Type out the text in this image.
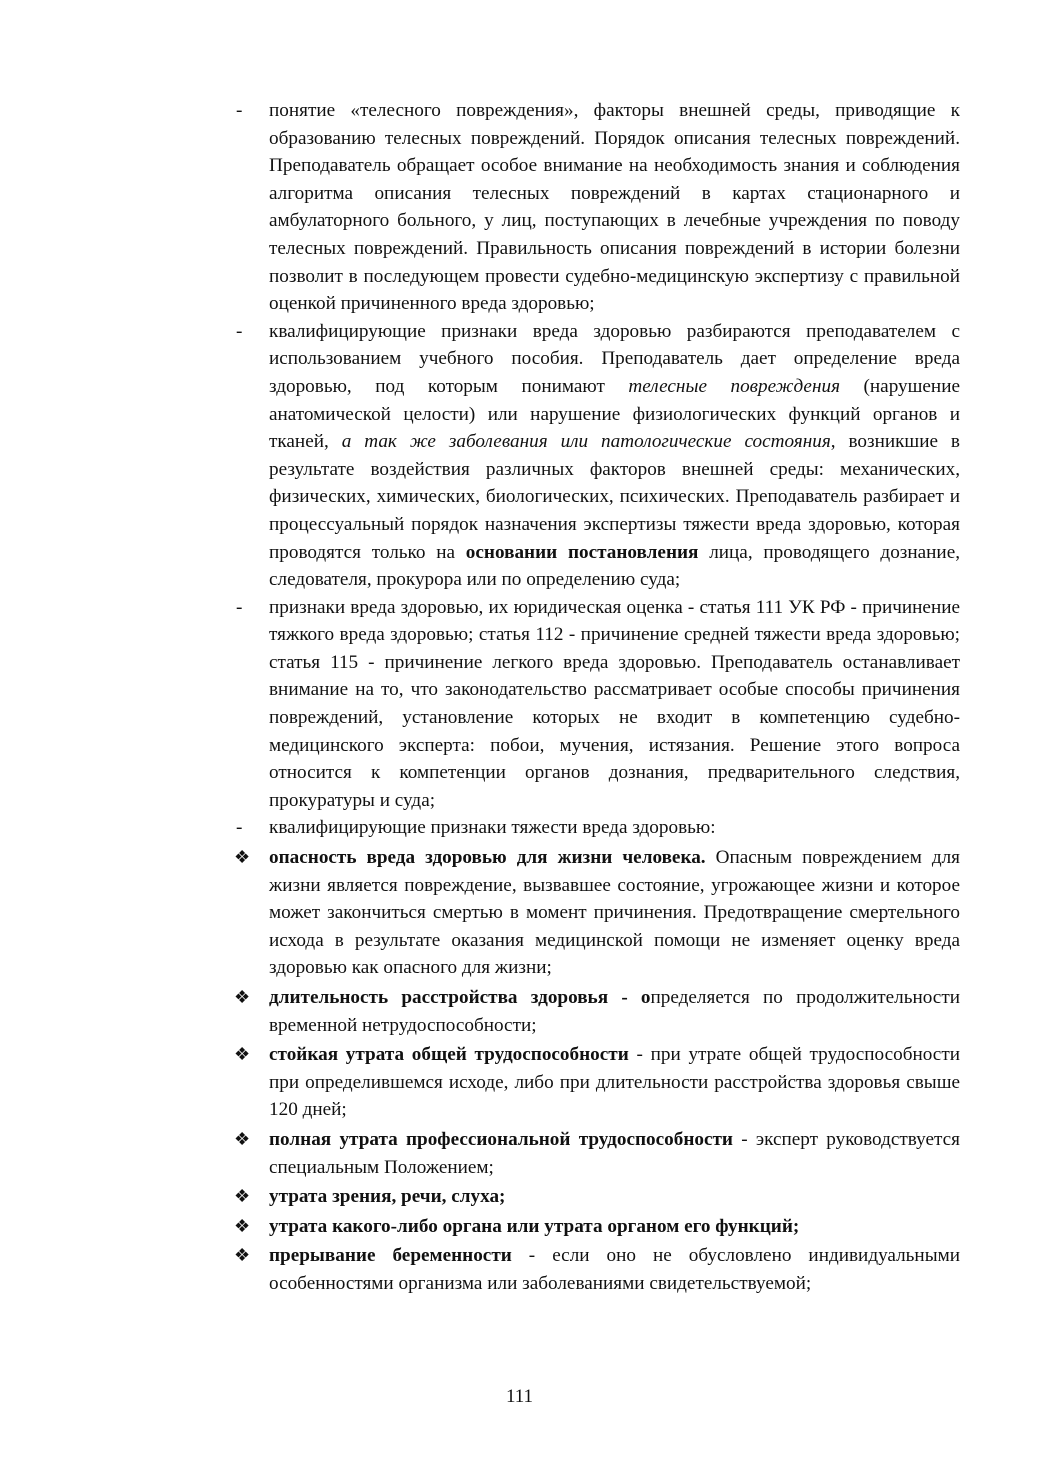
-	понятие «телесного повреждения», факторы внешней среды, приводящие к образованию телесных повреждений. Порядок описания телесных повреждений. Преподаватель обращает особое внимание на необходимость знания и соблюдения алгоритма описания телесных повреждений в картах стационарного и амбулаторного больного, у лиц, поступающих в лечебные учреждения по поводу телесных повреждений. Правильность описания повреждений в истории болезни позволит в последующем провести судебно-медицинскую экспертизу с правильной оценкой причиненного вреда здоровью;
-	квалифицирующие признаки вреда здоровью разбираются преподавателем с использованием учебного пособия. Преподаватель дает определение вреда здоровью, под которым понимают телесные повреждения (нарушение анатомической целости) или нарушение физиологических функций органов и тканей, а так же заболевания или патологические состояния, возникшие в результате воздействия различных факторов внешней среды: механических, физических, химических, биологических, психических. Преподаватель разбирает и процессуальный порядок назначения экспертизы тяжести вреда здоровью, которая проводятся только на основании постановления лица, проводящего дознание, следователя, прокурора или по определению суда;
-	признаки вреда здоровью, их юридическая оценка - статья 111 УК РФ - причинение тяжкого вреда здоровью; статья 112 - причинение средней тяжести вреда здоровью; статья 115 - причинение легкого вреда здоровью. Преподаватель останавливает внимание на то, что законодательство рассматривает особые способы причинения повреждений, установление которых не входит в компетенцию судебно-медицинского эксперта: побои, мучения, истязания. Решение этого вопроса относится к компетенции органов дознания, предварительного следствия, прокуратуры и суда;
-	квалифицирующие признаки тяжести вреда здоровью:
❖ опасность вреда здоровью для жизни человека. Опасным повреждением для жизни является повреждение, вызвавшее состояние, угрожающее жизни и которое может закончиться смертью в момент причинения. Предотвращение смертельного исхода в результате оказания медицинской помощи не изменяет оценку вреда здоровью как опасного для жизни;
❖ длительность расстройства здоровья - определяется по продолжительности временной нетрудоспособности;
❖ стойкая утрата общей трудоспособности - при утрате общей трудоспособности при определившемся исходе, либо при длительности расстройства здоровья свыше 120 дней;
❖ полная утрата профессиональной трудоспособности - эксперт руководствуется специальным Положением;
❖ утрата зрения, речи, слуха;
❖ утрата какого-либо органа или утрата органом его функций;
❖ прерывание беременности - если оно не обусловлено индивидуальными особенностями организма или заболеваниями свидетельствуемой;
111
